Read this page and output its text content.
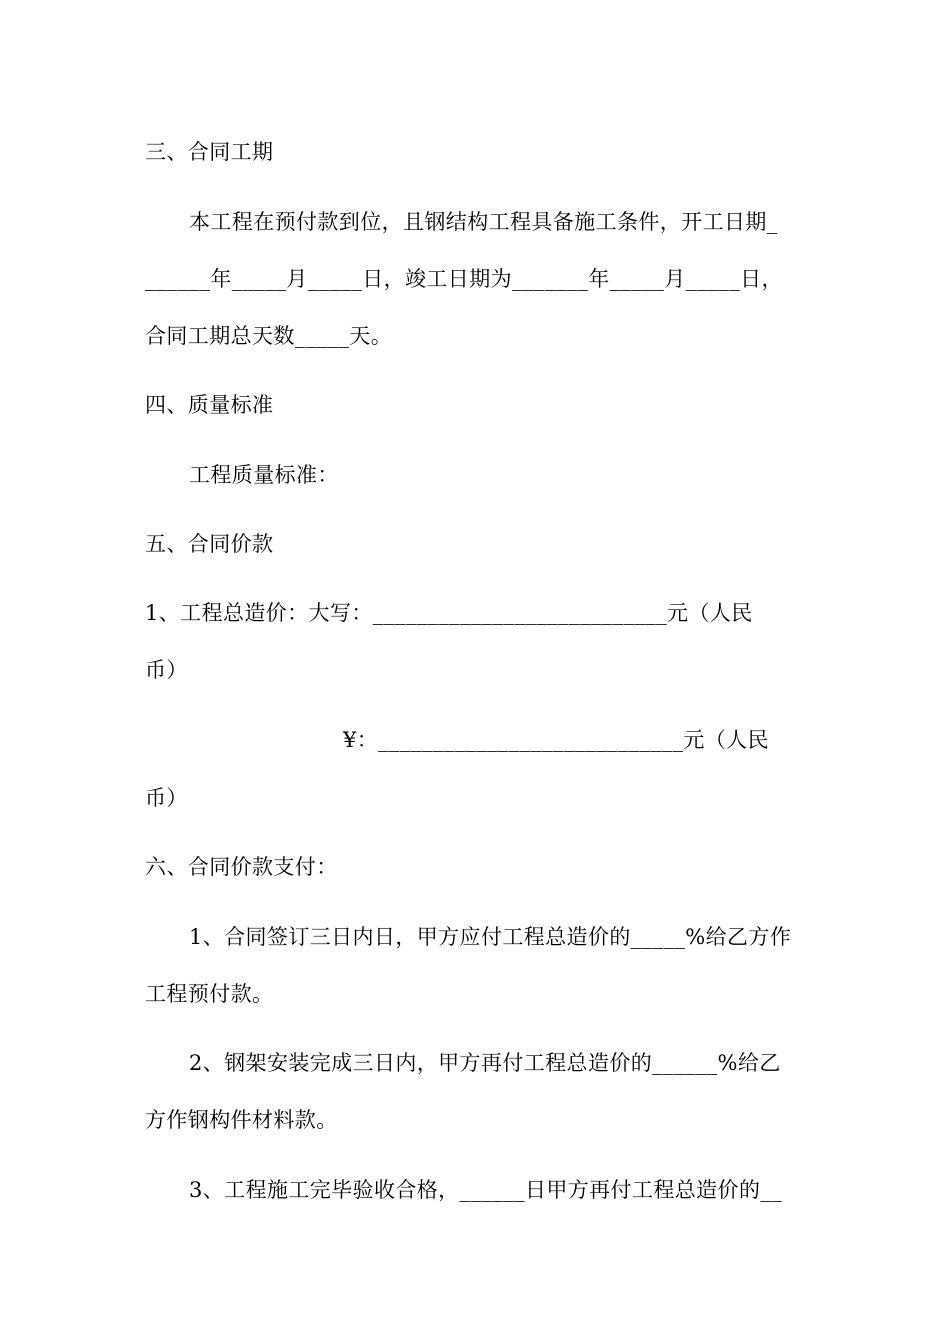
三、合同工期
本工程在预付款到位，且钢结构工程具备施工条件，开工日期_
______年_____月_____日，竣工日期为_______年_____月_____日，
合同工期总天数_____天。
四、质量标准
工程质量标准：
五、合同价款
1、工程总造价：大写：___________________________元（人民
币）
¥：____________________________元（人民
币）
六、合同价款支付：
1、合同签订三日内日，甲方应付工程总造价的_____%给乙方作
工程预付款。
2、钢架安装完成三日内，甲方再付工程总造价的______%给乙
方作钢构件材料款。
3、工程施工完毕验收合格，______日甲方再付工程总造价的__
